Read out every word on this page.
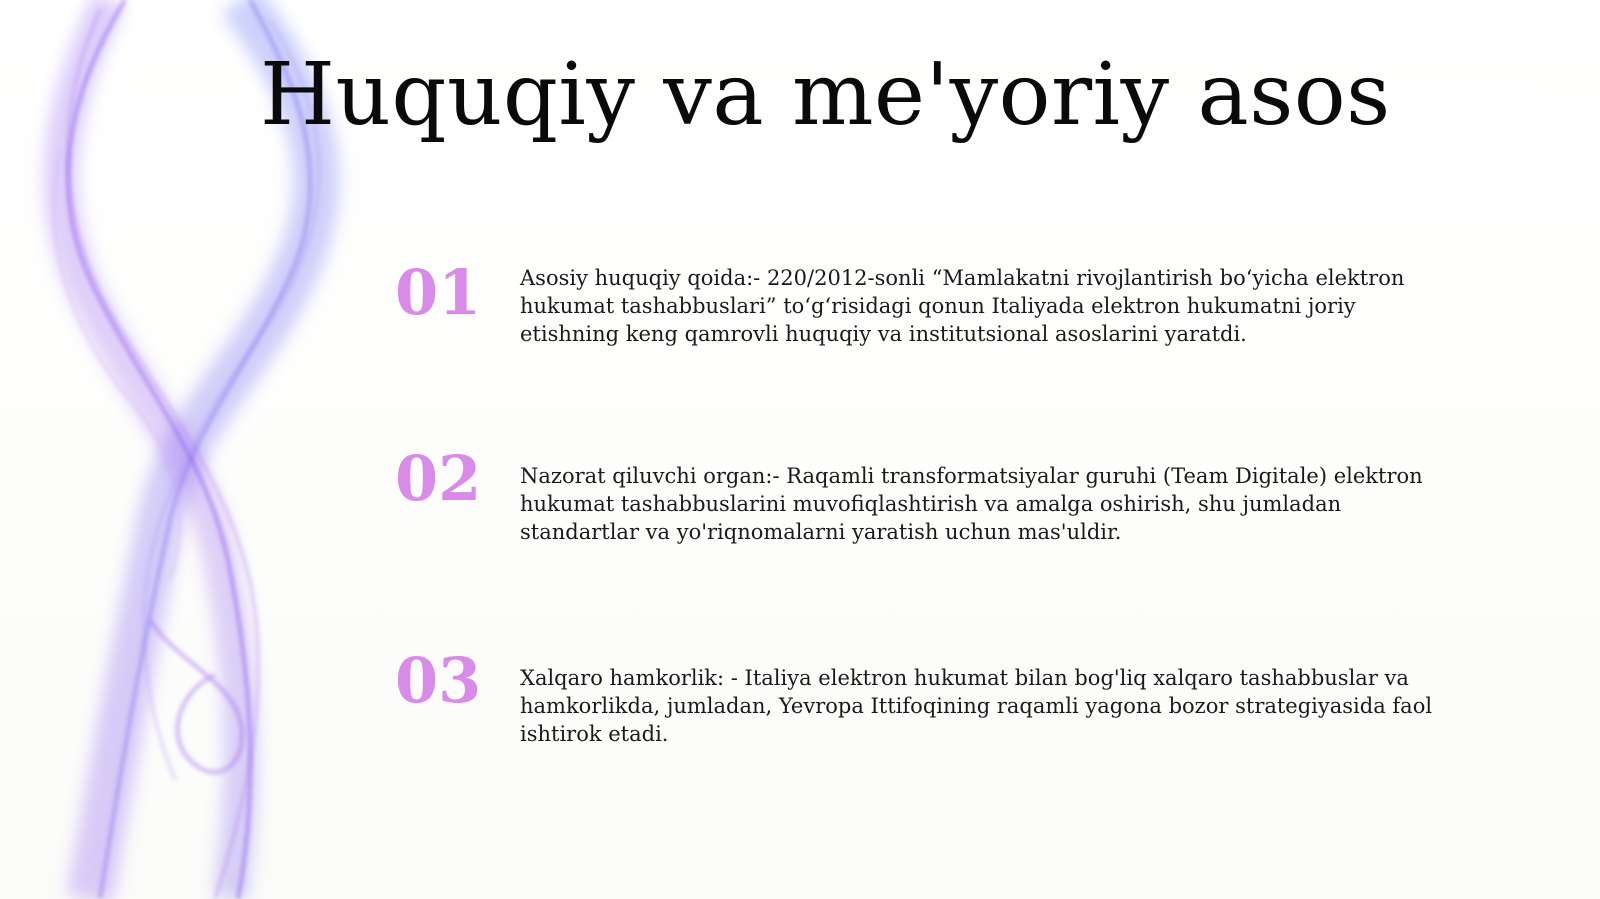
Huquqiy va me'yoriy asos
01	Asosiy huquqiy qoida:- 220/2012-sonli “Mamlakatni rivojlantirish bo‘yicha elektron hukumat tashabbuslari” to‘g‘risidagi qonun Italiyada elektron hukumatni joriy etishning keng qamrovli huquqiy va institutsional asoslarini yaratdi.
02	Nazorat qiluvchi organ:- Raqamli transformatsiyalar guruhi (Team Digitale) elektron hukumat tashabbuslarini muvofiqlashtirish va amalga oshirish, shu jumladan standartlar va yo'riqnomalarni yaratish uchun mas'uldir.
03	Xalqaro hamkorlik: - Italiya elektron hukumat bilan bog'liq xalqaro tashabbuslar va hamkorlikda, jumladan, Yevropa Ittifoqining raqamli yagona bozor strategiyasida faol ishtirok etadi.
